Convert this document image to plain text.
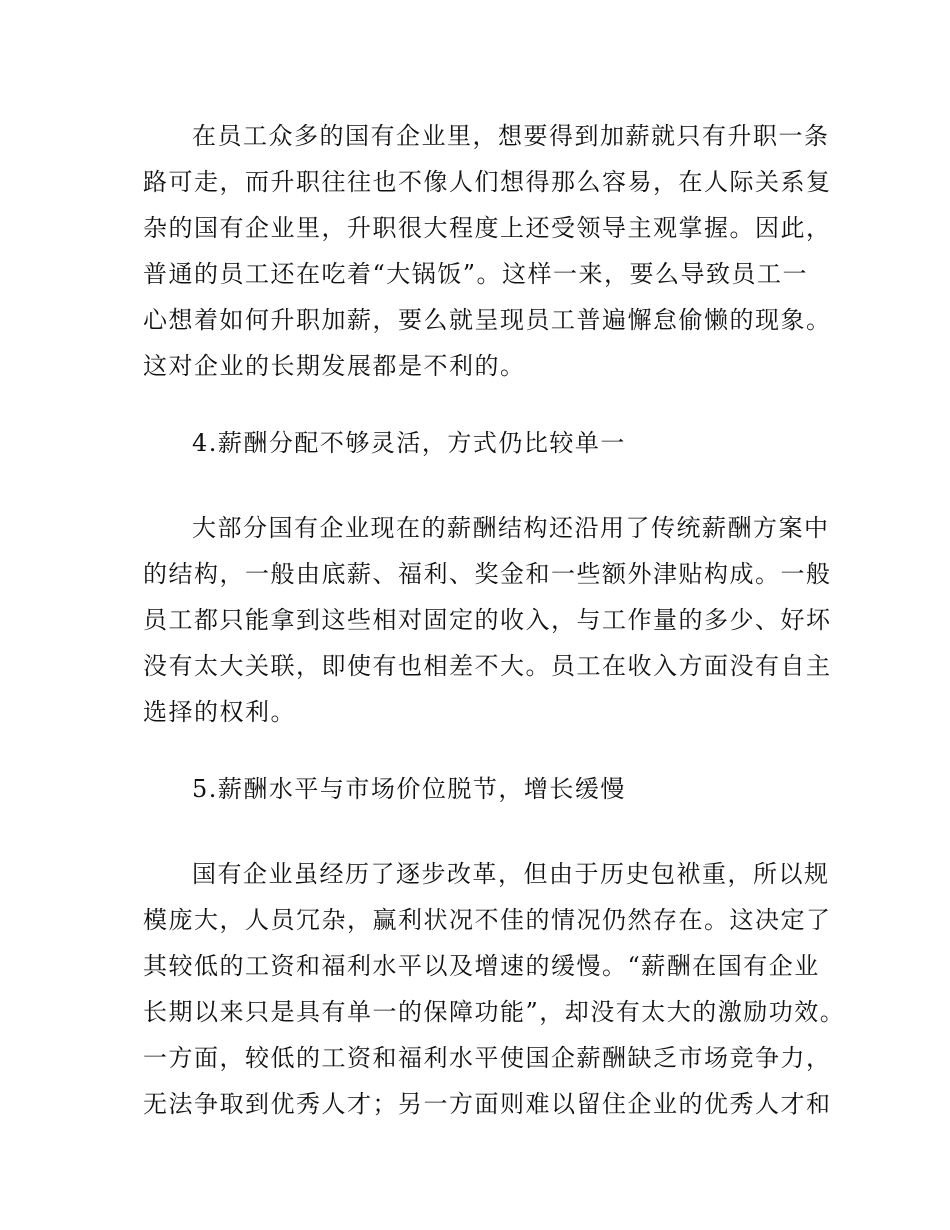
在员工众多的国有企业里，想要得到加薪就只有升职一条
路可走，而升职往往也不像人们想得那么容易，在人际关系复
杂的国有企业里，升职很大程度上还受领导主观掌握。因此，
普通的员工还在吃着“大锅饭”。这样一来，要么导致员工一
心想着如何升职加薪，要么就呈现员工普遍懈怠偷懒的现象。
这对企业的长期发展都是不利的。
4.薪酬分配不够灵活，方式仍比较单一
大部分国有企业现在的薪酬结构还沿用了传统薪酬方案中
的结构，一般由底薪、福利、奖金和一些额外津贴构成。一般
员工都只能拿到这些相对固定的收入，与工作量的多少、好坏
没有太大关联，即使有也相差不大。员工在收入方面没有自主
选择的权利。
5.薪酬水平与市场价位脱节，增长缓慢
国有企业虽经历了逐步改革，但由于历史包袱重，所以规
模庞大，人员冗杂，赢利状况不佳的情况仍然存在。这决定了
其较低的工资和福利水平以及增速的缓慢。“薪酬在国有企业
长期以来只是具有单一的保障功能”，却没有太大的激励功效。
一方面，较低的工资和福利水平使国企薪酬缺乏市场竞争力，
无法争取到优秀人才；另一方面则难以留住企业的优秀人才和
